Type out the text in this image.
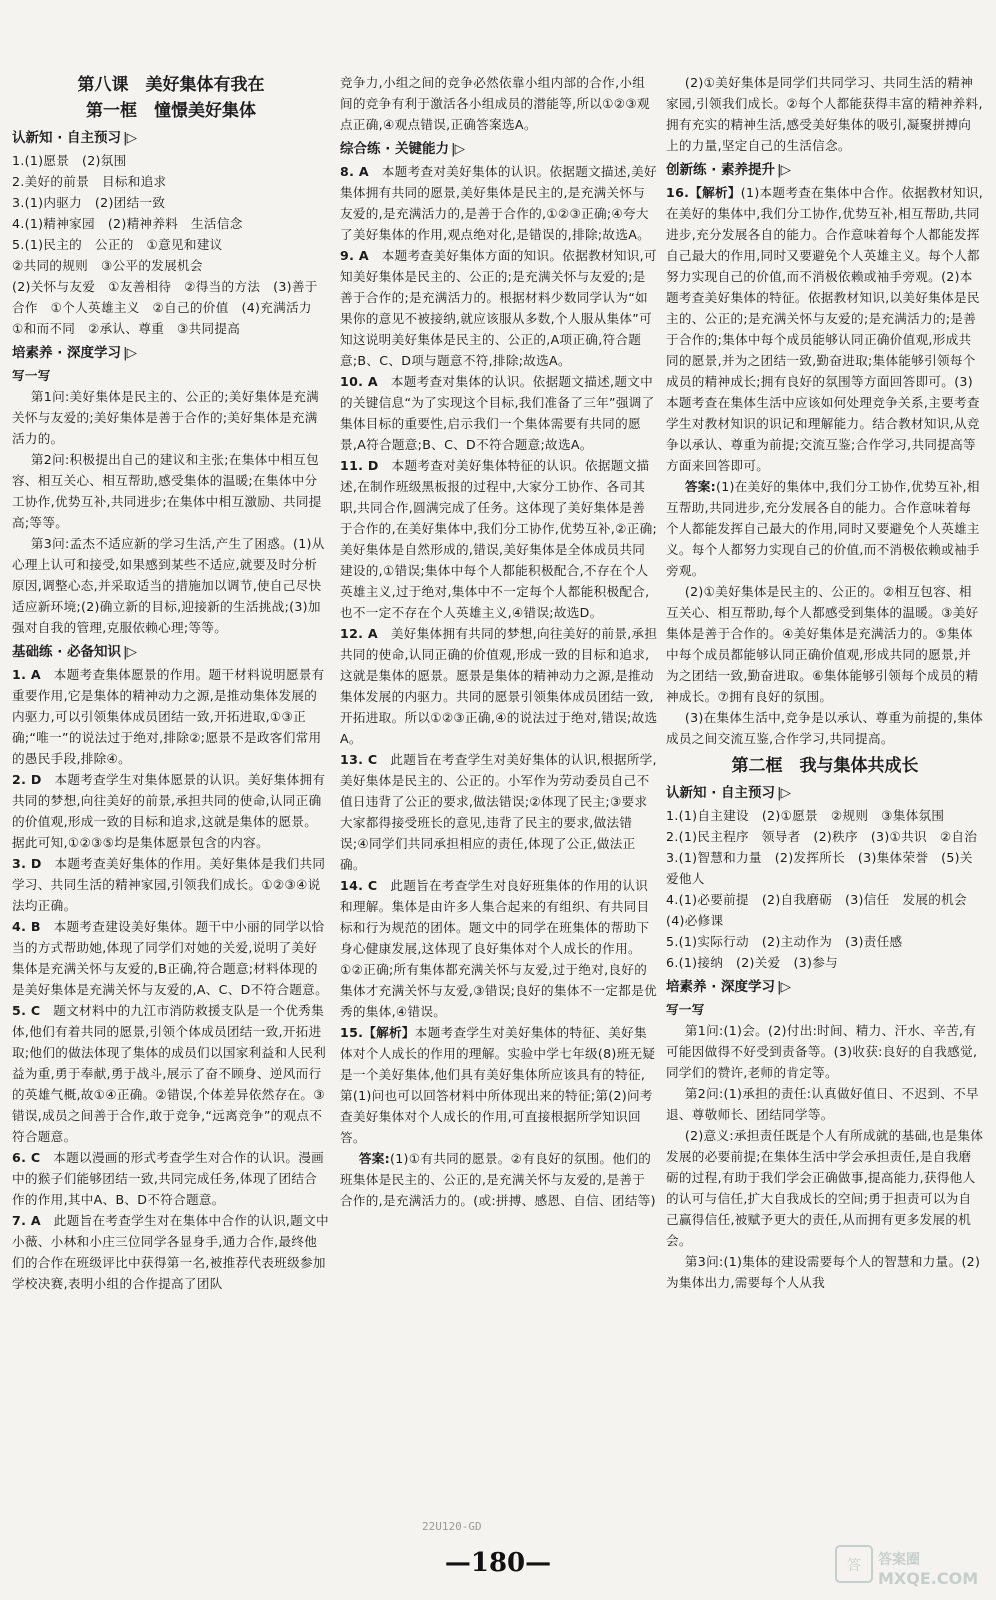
第八课　美好集体有我在

第一框　憧憬美好集体

认新知 · 自主预习 |▷

1.(1)愿景　(2)氛围

2.美好的前景　目标和追求

3.(1)内驱力　(2)团结一致

4.(1)精神家园　(2)精神养料　生活信念

5.(1)民主的　公正的　①意见和建议

②共同的规则　③公平的发展机会

(2)关怀与友爱　①友善相待　②得当的方法　(3)善于合作　①个人英雄主义　②自己的价值　(4)充满活力

①和而不同　②承认、尊重　③共同提高

培素养 · 深度学习 |▷

写一写

第1问:美好集体是民主的、公正的;美好集体是充满关怀与友爱的;美好集体是善于合作的;美好集体是充满活力的。

第2问:积极提出自己的建议和主张;在集体中相互包容、相互关心、相互帮助,感受集体的温暖;在集体中分工协作,优势互补,共同进步;在集体中相互激励、共同提高;等等。

第3问:孟杰不适应新的学习生活,产生了困惑。(1)从心理上认可和接受,如果感到某些不适应,就要及时分析原因,调整心态,并采取适当的措施加以调节,使自己尽快适应新环境;(2)确立新的目标,迎接新的生活挑战;(3)加强对自我的管理,克服依赖心理;等等。

基础练 · 必备知识 |▷

1. A　本题考查集体愿景的作用。题干材料说明愿景有重要作用,它是集体的精神动力之源,是推动集体发展的内驱力,可以引领集体成员团结一致,开拓进取,①③正确;“唯一”的说法过于绝对,排除②;愿景不是政客们常用的愚民手段,排除④。

2. D　本题考查学生对集体愿景的认识。美好集体拥有共同的梦想,向往美好的前景,承担共同的使命,认同正确的价值观,形成一致的目标和追求,这就是集体的愿景。据此可知,①②③⑤均是集体愿景包含的内容。

3. D　本题考查美好集体的作用。美好集体是我们共同学习、共同生活的精神家园,引领我们成长。①②③④说法均正确。

4. B　本题考查建设美好集体。题干中小丽的同学以恰当的方式帮助她,体现了同学们对她的关爱,说明了美好集体是充满关怀与友爱的,B正确,符合题意;材料体现的是美好集体是充满关怀与友爱的,A、C、D不符合题意。

5. C　题文材料中的九江市消防救援支队是一个优秀集体,他们有着共同的愿景,引领个体成员团结一致,开拓进取;他们的做法体现了集体的成员们以国家利益和人民利益为重,勇于奉献,勇于战斗,展示了奋不顾身、逆风而行的英雄气概,故①④正确。②错误,个体差异依然存在。③错误,成员之间善于合作,敢于竞争,“远离竞争”的观点不符合题意。

6. C　本题以漫画的形式考查学生对合作的认识。漫画中的猴子们能够团结一致,共同完成任务,体现了团结合作的作用,其中A、B、D不符合题意。

7. A　此题旨在考查学生对在集体中合作的认识,题文中小薇、小林和小庄三位同学各显身手,通力合作,最终他们的合作在班级评比中获得第一名,被推荐代表班级参加学校决赛,表明小组的合作提高了团队

竞争力,小组之间的竞争必然依靠小组内部的合作,小组间的竞争有利于激活各小组成员的潜能等,所以①②③观点正确,④观点错误,正确答案选A。

综合练 · 关键能力 |▷

8. A　本题考查对美好集体的认识。依据题文描述,美好集体拥有共同的愿景,美好集体是民主的,是充满关怀与友爱的,是充满活力的,是善于合作的,①②③正确;④夸大了美好集体的作用,观点绝对化,是错误的,排除;故选A。

9. A　本题考查美好集体方面的知识。依据教材知识,可知美好集体是民主的、公正的;是充满关怀与友爱的;是善于合作的;是充满活力的。根据材料少数同学认为“如果你的意见不被接纳,就应该服从多数,个人服从集体”可知这说明美好集体是民主的、公正的,A项正确,符合题意;B、C、D项与题意不符,排除;故选A。

10. A　本题考查对集体的认识。依据题文描述,题文中的关键信息“为了实现这个目标,我们准备了三年”强调了集体目标的重要性,启示我们一个集体需要有共同的愿景,A符合题意;B、C、D不符合题意;故选A。

11. D　本题考查对美好集体特征的认识。依据题文描述,在制作班级黑板报的过程中,大家分工协作、各司其职,共同合作,圆满完成了任务。这体现了美好集体是善于合作的,在美好集体中,我们分工协作,优势互补,②正确;美好集体是自然形成的,错误,美好集体是全体成员共同建设的,①错误;集体中每个人都能积极配合,不存在个人英雄主义,过于绝对,集体中不一定每个人都能积极配合,也不一定不存在个人英雄主义,④错误;故选D。

12. A　美好集体拥有共同的梦想,向往美好的前景,承担共同的使命,认同正确的价值观,形成一致的目标和追求,这就是集体的愿景。愿景是集体的精神动力之源,是推动集体发展的内驱力。共同的愿景引领集体成员团结一致,开拓进取。所以①②③正确,④的说法过于绝对,错误;故选A。

13. C　此题旨在考查学生对美好集体的认识,根据所学,美好集体是民主的、公正的。小军作为劳动委员自己不值日违背了公正的要求,做法错误;②体现了民主;③要求大家都得接受班长的意见,违背了民主的要求,做法错误;④同学们共同承担相应的责任,体现了公正,做法正确。

14. C　此题旨在考查学生对良好班集体的作用的认识和理解。集体是由许多人集合起来的有组织、有共同目标和行为规范的团体。题文中的同学在班集体的帮助下身心健康发展,这体现了良好集体对个人成长的作用。①②正确;所有集体都充满关怀与友爱,过于绝对,良好的集体才充满关怀与友爱,③错误;良好的集体不一定都是优秀的集体,④错误。

15.【解析】本题考查学生对美好集体的特征、美好集体对个人成长的作用的理解。实验中学七年级(8)班无疑是一个美好集体,他们具有美好集体所应该具有的特征,第(1)问也可以回答材料中所体现出来的特征;第(2)问考查美好集体对个人成长的作用,可直接根据所学知识回答。

答案:(1)①有共同的愿景。②有良好的氛围。他们的班集体是民主的、公正的,是充满关怀与友爱的,是善于合作的,是充满活力的。(或:拼搏、感恩、自信、团结等)

(2)①美好集体是同学们共同学习、共同生活的精神家园,引领我们成长。②每个人都能获得丰富的精神养料,拥有充实的精神生活,感受美好集体的吸引,凝聚拼搏向上的力量,坚定自己的生活信念。

创新练 · 素养提升 |▷

16.【解析】(1)本题考查在集体中合作。依据教材知识,在美好的集体中,我们分工协作,优势互补,相互帮助,共同进步,充分发展各自的能力。合作意味着每个人都能发挥自己最大的作用,同时又要避免个人英雄主义。每个人都努力实现自己的价值,而不消极依赖或袖手旁观。(2)本题考查美好集体的特征。依据教材知识,以美好集体是民主的、公正的;是充满关怀与友爱的;是充满活力的;是善于合作的;集体中每个成员能够认同正确价值观,形成共同的愿景,并为之团结一致,勤奋进取;集体能够引领每个成员的精神成长;拥有良好的氛围等方面回答即可。(3)本题考查在集体生活中应该如何处理竞争关系,主要考查学生对教材知识的识记和理解能力。结合教材知识,从竞争以承认、尊重为前提;交流互鉴;合作学习,共同提高等方面来回答即可。

答案:(1)在美好的集体中,我们分工协作,优势互补,相互帮助,共同进步,充分发展各自的能力。合作意味着每个人都能发挥自己最大的作用,同时又要避免个人英雄主义。每个人都努力实现自己的价值,而不消极依赖或袖手旁观。

(2)①美好集体是民主的、公正的。②相互包容、相互关心、相互帮助,每个人都感受到集体的温暖。③美好集体是善于合作的。④美好集体是充满活力的。⑤集体中每个成员都能够认同正确价值观,形成共同的愿景,并为之团结一致,勤奋进取。⑥集体能够引领每个成员的精神成长。⑦拥有良好的氛围。

(3)在集体生活中,竞争是以承认、尊重为前提的,集体成员之间交流互鉴,合作学习,共同提高。

第二框　我与集体共成长

认新知 · 自主预习 |▷

1.(1)自主建设　(2)①愿景　②规则　③集体氛围

2.(1)民主程序　领导者　(2)秩序　(3)①共识　②自治

3.(1)智慧和力量　(2)发挥所长　(3)集体荣誉　(5)关爱他人

4.(1)必要前提　(2)自我磨砺　(3)信任　发展的机会　(4)必修课

5.(1)实际行动　(2)主动作为　(3)责任感

6.(1)接纳　(2)关爱　(3)参与

培素养 · 深度学习 |▷

写一写

第1问:(1)会。(2)付出:时间、精力、汗水、辛苦,有可能因做得不好受到责备等。(3)收获:良好的自我感觉,同学们的赞许,老师的肯定等。

第2问:(1)承担的责任:认真做好值日、不迟到、不早退、尊敬师长、团结同学等。

(2)意义:承担责任既是个人有所成就的基础,也是集体发展的必要前提;在集体生活中学会承担责任,是自我磨砺的过程,有助于我们学会正确做事,提高能力,获得他人的认可与信任,扩大自我成长的空间;勇于担责可以为自己赢得信任,被赋予更大的责任,从而拥有更多发展的机会。

第3问:(1)集体的建设需要每个人的智慧和力量。(2)为集体出力,需要每个人从我

22U120-GD
—180—	答 答案圈
MXQE.COM
